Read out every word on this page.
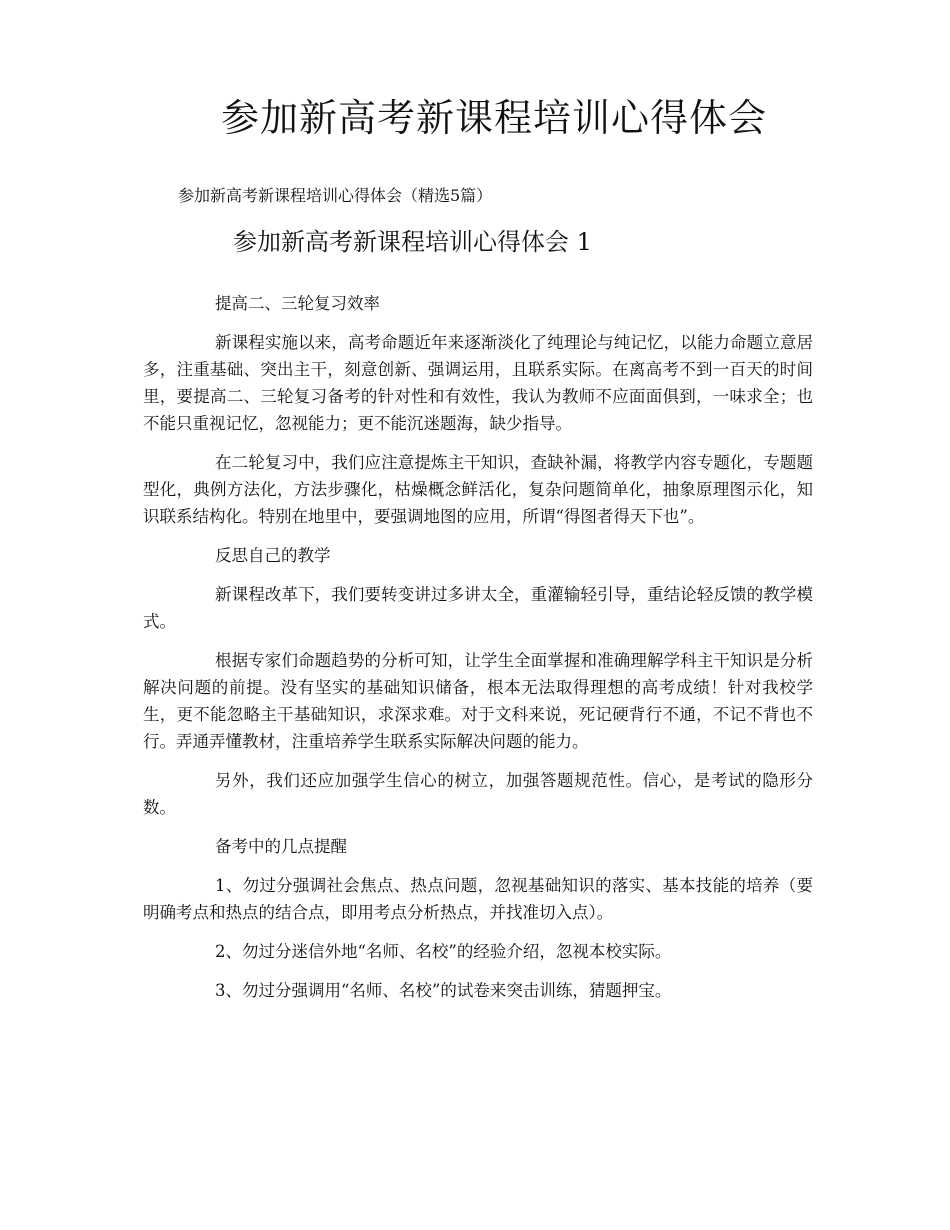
参加新高考新课程培训心得体会

参加新高考新课程培训心得体会（精选5篇）

参加新高考新课程培训心得体会 1

提高二、三轮复习效率

新课程实施以来，高考命题近年来逐渐淡化了纯理论与纯记忆，以能力命题立意居多，注重基础、突出主干，刻意创新、强调运用，且联系实际。在离高考不到一百天的时间里，要提高二、三轮复习备考的针对性和有效性，我认为教师不应面面俱到，一味求全；也不能只重视记忆，忽视能力；更不能沉迷题海，缺少指导。

在二轮复习中，我们应注意提炼主干知识，查缺补漏，将教学内容专题化，专题题型化，典例方法化，方法步骤化，枯燥概念鲜活化，复杂问题简单化，抽象原理图示化，知识联系结构化。特别在地里中，要强调地图的应用，所谓“得图者得天下也”。

反思自己的教学

新课程改革下，我们要转变讲过多讲太全，重灌输轻引导，重结论轻反馈的教学模式。

根据专家们命题趋势的分析可知，让学生全面掌握和准确理解学科主干知识是分析解决问题的前提。没有坚实的基础知识储备，根本无法取得理想的高考成绩！针对我校学生，更不能忽略主干基础知识，求深求难。对于文科来说，死记硬背行不通，不记不背也不行。弄通弄懂教材，注重培养学生联系实际解决问题的能力。

另外，我们还应加强学生信心的树立，加强答题规范性。信心，是考试的隐形分数。

备考中的几点提醒

1、勿过分强调社会焦点、热点问题，忽视基础知识的落实、基本技能的培养（要明确考点和热点的结合点，即用考点分析热点，并找准切入点）。

2、勿过分迷信外地“名师、名校”的经验介绍，忽视本校实际。

3、勿过分强调用“名师、名校”的试卷来突击训练，猜题押宝。
